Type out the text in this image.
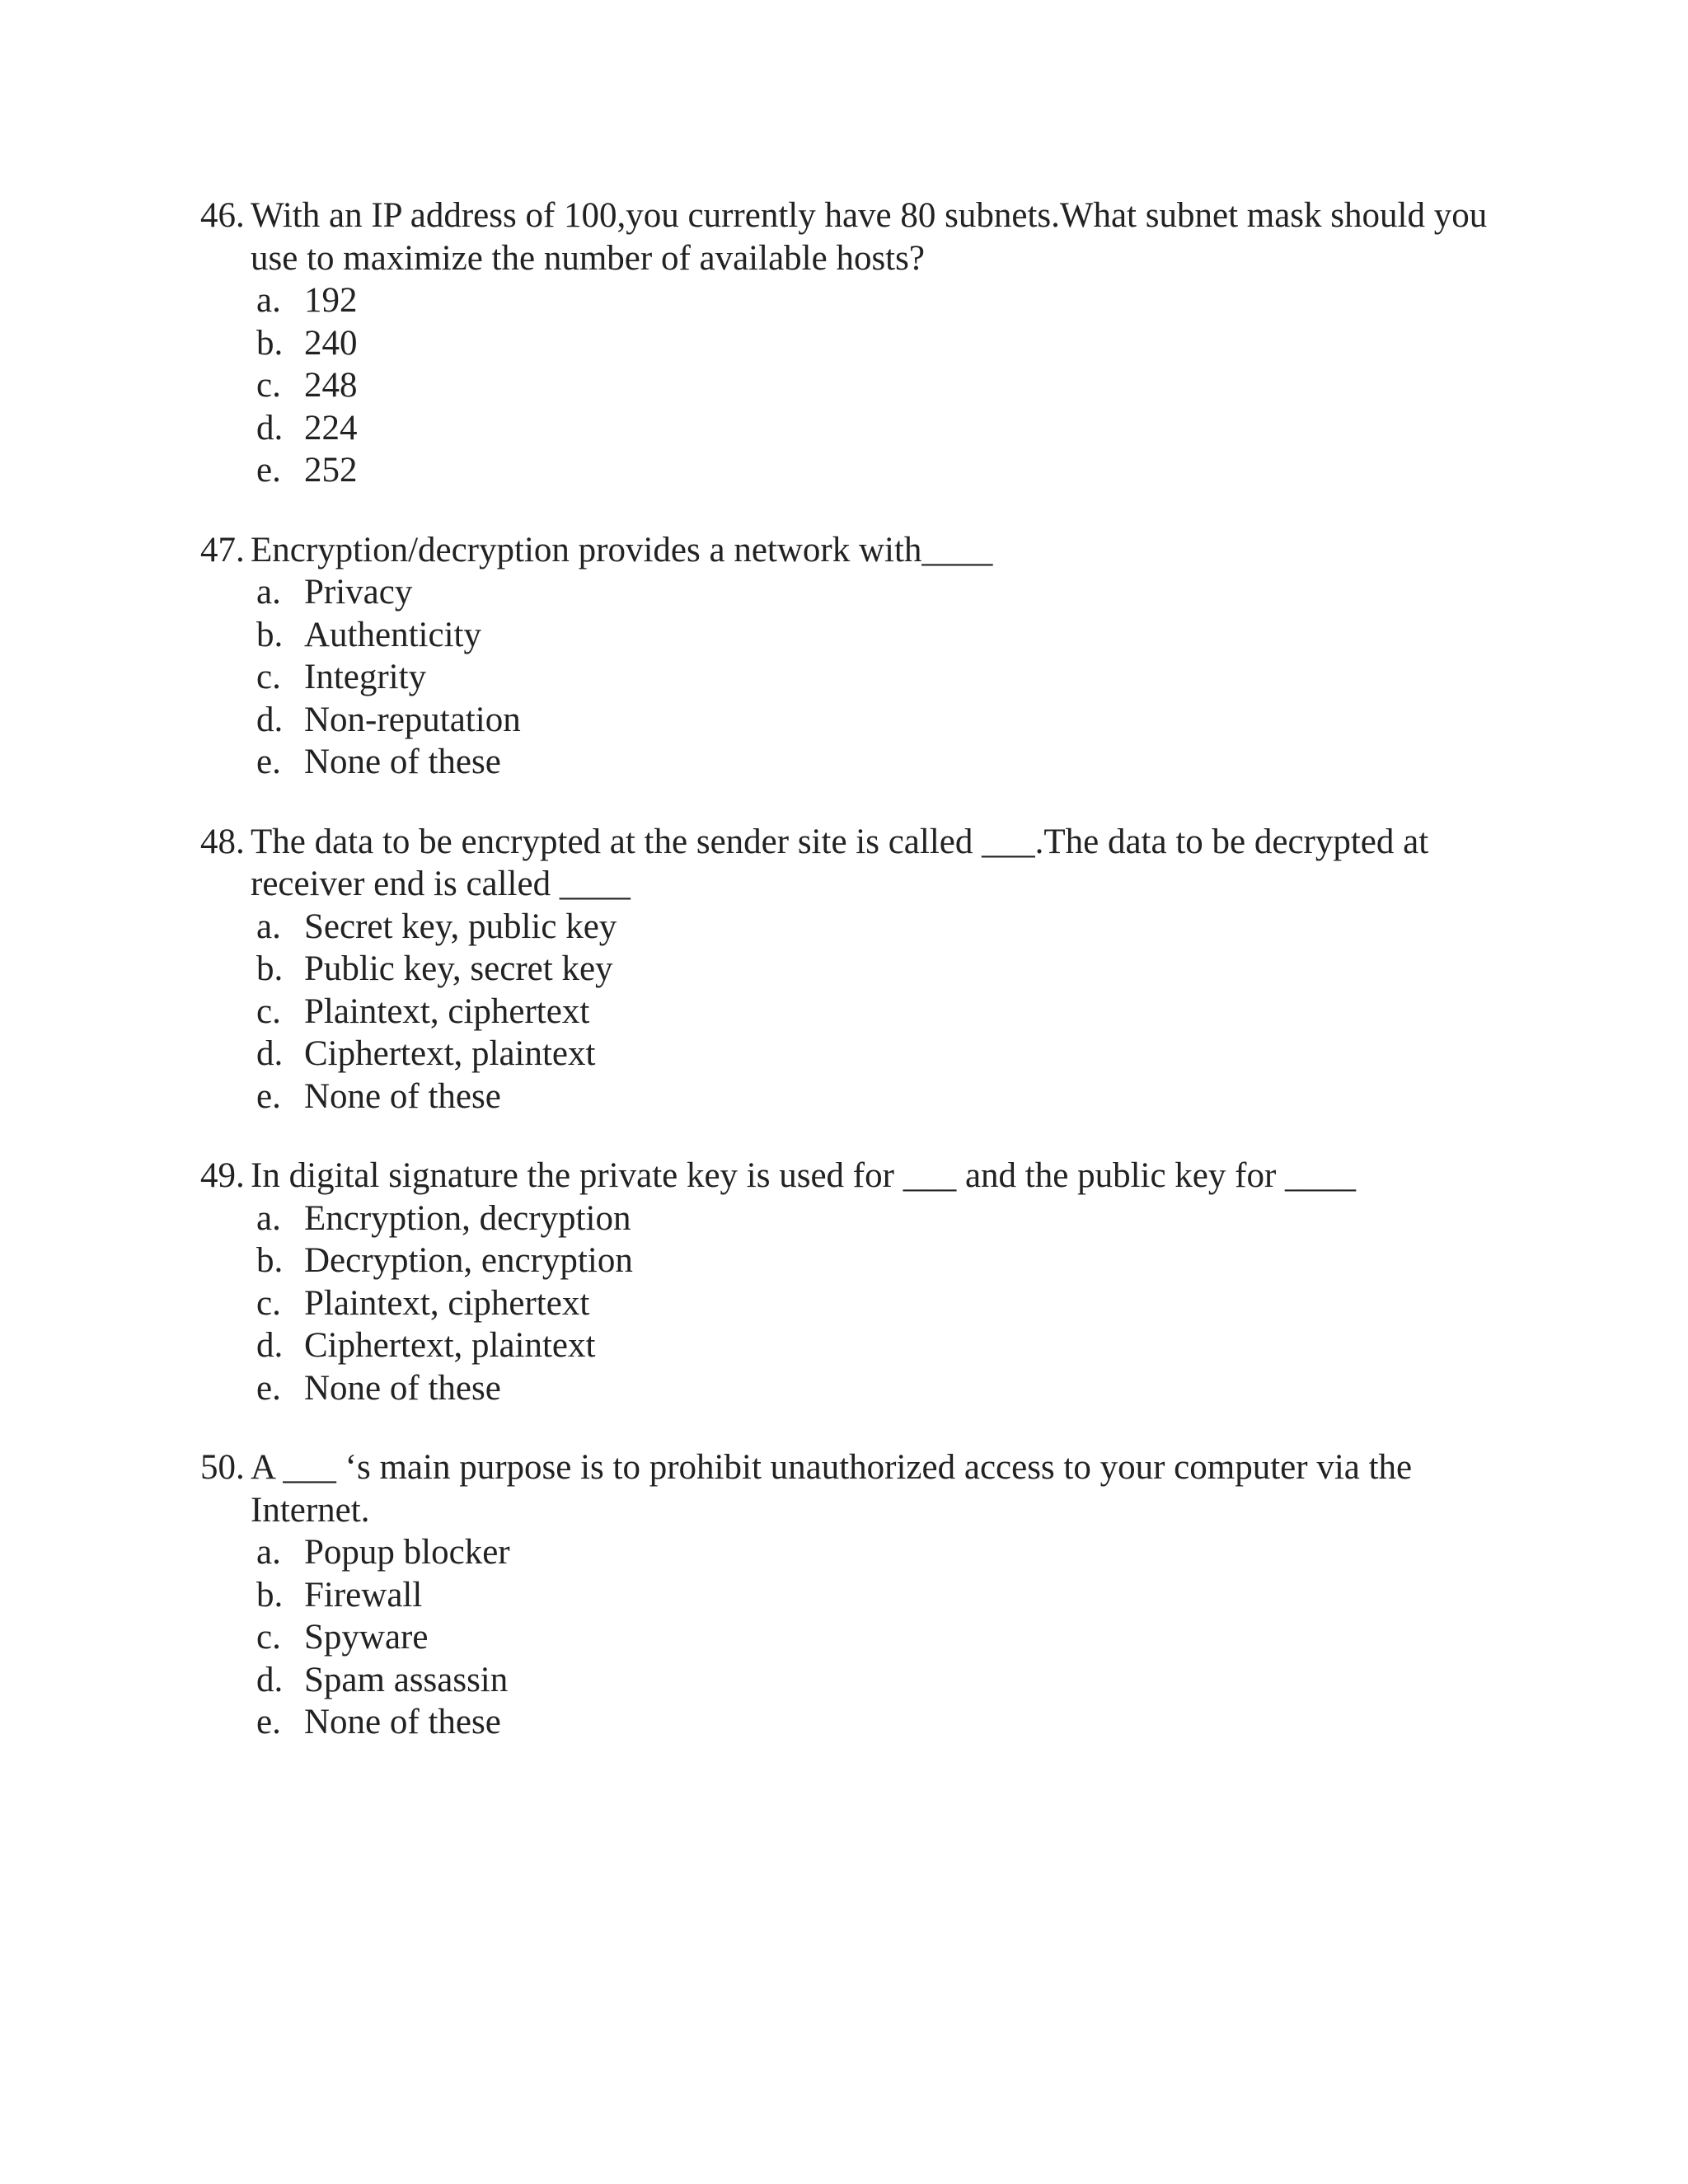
46. With an IP address of 100,you currently have 80 subnets.What subnet mask should you use to maximize the number of available hosts?
a. 192
b. 240
c. 248
d. 224
e. 252
47. Encryption/decryption provides a network with____
a. Privacy
b. Authenticity
c. Integrity
d. Non-reputation
e. None of these
48. The data to be encrypted at the sender site is called ___.The data to be decrypted at receiver end is called ____
a. Secret key, public key
b. Public key, secret key
c. Plaintext, ciphertext
d. Ciphertext, plaintext
e. None of these
49. In digital signature the private key is used for ___ and the public key for ____
a. Encryption, decryption
b. Decryption, encryption
c. Plaintext, ciphertext
d. Ciphertext, plaintext
e. None of these
50. A ___ ‘s main purpose is to prohibit unauthorized access to your computer via the Internet.
a. Popup blocker
b. Firewall
c. Spyware
d. Spam assassin
e. None of these
